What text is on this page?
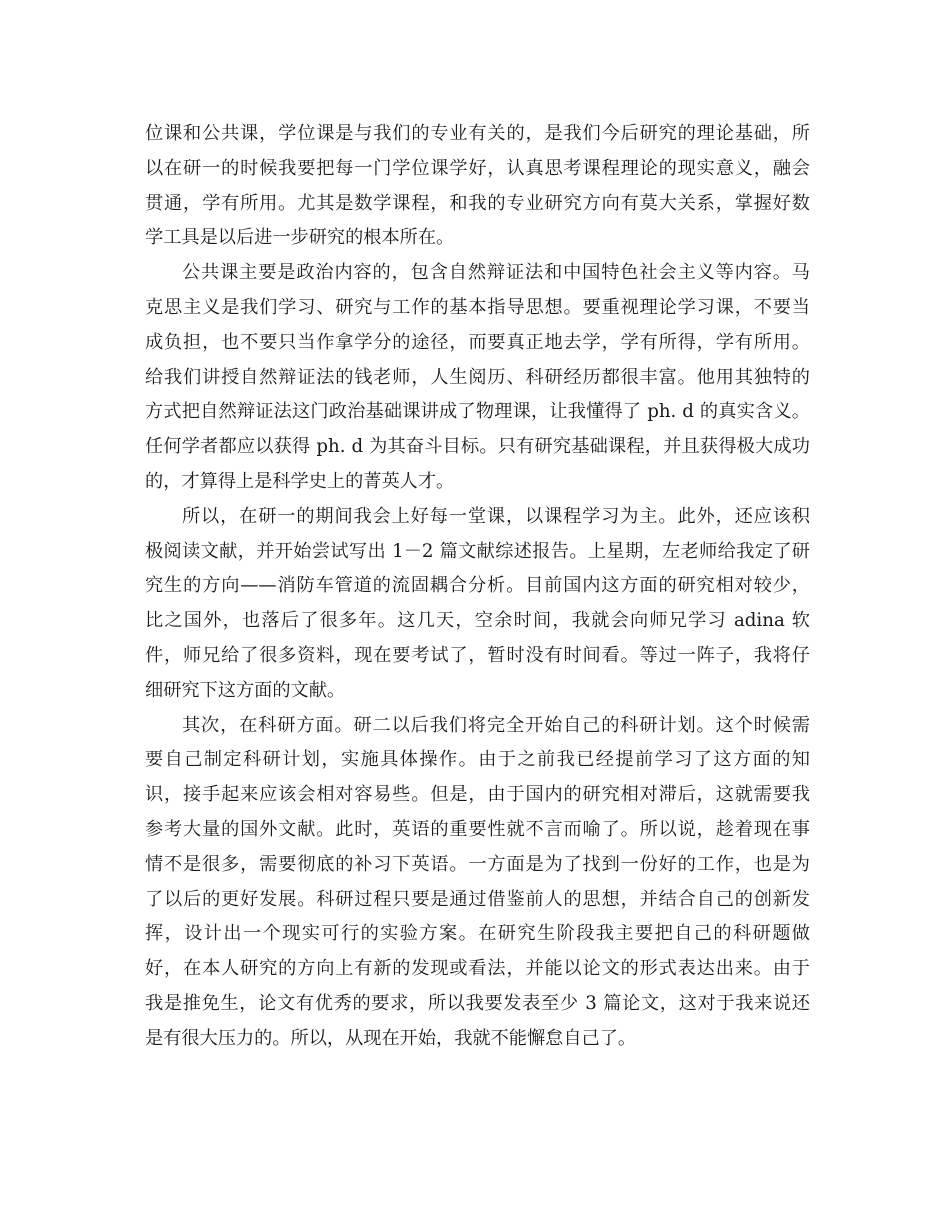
位课和公共课，学位课是与我们的专业有关的，是我们今后研究的理论基础，所
以在研一的时候我要把每一门学位课学好，认真思考课程理论的现实意义，融会
贯通，学有所用。尤其是数学课程，和我的专业研究方向有莫大关系，掌握好数
学工具是以后进一步研究的根本所在。
公共课主要是政治内容的，包含自然辩证法和中国特色社会主义等内容。马
克思主义是我们学习、研究与工作的基本指导思想。要重视理论学习课，不要当
成负担，也不要只当作拿学分的途径，而要真正地去学，学有所得，学有所用。
给我们讲授自然辩证法的钱老师，人生阅历、科研经历都很丰富。他用其独特的
方式把自然辩证法这门政治基础课讲成了物理课，让我懂得了 ph. d 的真实含义。
任何学者都应以获得 ph. d 为其奋斗目标。只有研究基础课程，并且获得极大成功
的，才算得上是科学史上的菁英人才。
所以，在研一的期间我会上好每一堂课，以课程学习为主。此外，还应该积
极阅读文献，并开始尝试写出 1－2 篇文献综述报告。上星期，左老师给我定了研
究生的方向——消防车管道的流固耦合分析。目前国内这方面的研究相对较少，
比之国外，也落后了很多年。这几天，空余时间，我就会向师兄学习 adina 软
件，师兄给了很多资料，现在要考试了，暂时没有时间看。等过一阵子，我将仔
细研究下这方面的文献。
其次，在科研方面。研二以后我们将完全开始自己的科研计划。这个时候需
要自己制定科研计划，实施具体操作。由于之前我已经提前学习了这方面的知
识，接手起来应该会相对容易些。但是，由于国内的研究相对滞后，这就需要我
参考大量的国外文献。此时，英语的重要性就不言而喻了。所以说，趁着现在事
情不是很多，需要彻底的补习下英语。一方面是为了找到一份好的工作，也是为
了以后的更好发展。科研过程只要是通过借鉴前人的思想，并结合自己的创新发
挥，设计出一个现实可行的实验方案。在研究生阶段我主要把自己的科研题做
好，在本人研究的方向上有新的发现或看法，并能以论文的形式表达出来。由于
我是推免生，论文有优秀的要求，所以我要发表至少 3 篇论文，这对于我来说还
是有很大压力的。所以，从现在开始，我就不能懈怠自己了。
